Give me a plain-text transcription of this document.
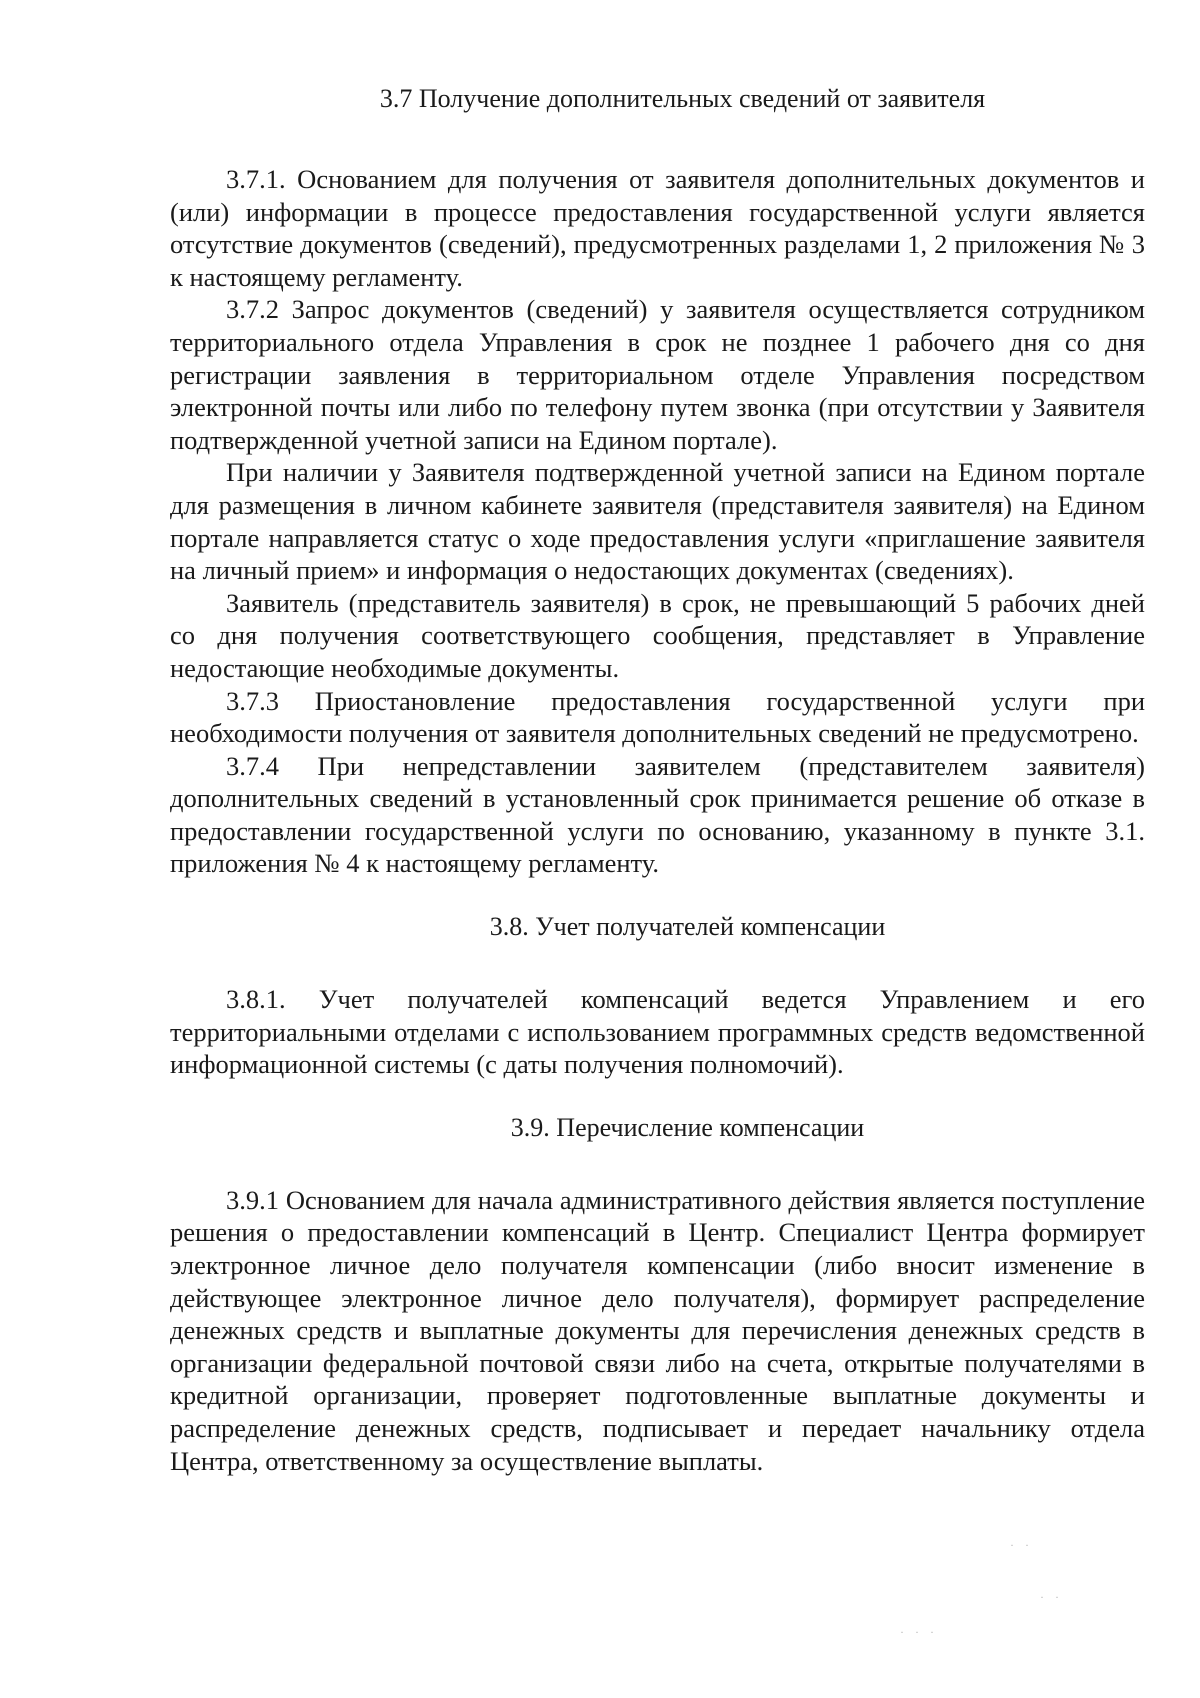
3.7 Получение дополнительных сведений от заявителя

3.7.1. Основанием для получения от заявителя дополнительных документов и (или) информации в процессе предоставления государственной услуги является отсутствие документов (сведений), предусмотренных разделами 1, 2 приложения № 3 к настоящему регламенту.

3.7.2 Запрос документов (сведений) у заявителя осуществляется сотрудником территориального отдела Управления в срок не позднее 1 рабочего дня со дня регистрации заявления в территориальном отделе Управления посредством электронной почты или либо по телефону путем звонка (при отсутствии у Заявителя подтвержденной учетной записи на Едином портале).

При наличии у Заявителя подтвержденной учетной записи на Едином портале для размещения в личном кабинете заявителя (представителя заявителя) на Едином портале направляется статус о ходе предоставления услуги «приглашение заявителя на личный прием» и информация о недостающих документах (сведениях).

Заявитель (представитель заявителя) в срок, не превышающий 5 рабочих дней со дня получения соответствующего сообщения, представляет в Управление недостающие необходимые документы.

3.7.3 Приостановление предоставления государственной услуги при необходимости получения от заявителя дополнительных сведений не предусмотрено.

3.7.4 При непредставлении заявителем (представителем заявителя) дополнительных сведений в установленный срок принимается решение об отказе в предоставлении государственной услуги по основанию, указанному в пункте 3.1. приложения № 4 к настоящему регламенту.

3.8. Учет получателей компенсации

3.8.1. Учет получателей компенсаций ведется Управлением и его территориальными отделами с использованием программных средств ведомственной информационной системы (с даты получения полномочий).

3.9. Перечисление компенсации

3.9.1 Основанием для начала административного действия является поступление решения о предоставлении компенсаций в Центр. Специалист Центра формирует электронное личное дело получателя компенсации (либо вносит изменение в действующее электронное личное дело получателя), формирует распределение денежных средств и выплатные документы для перечисления денежных средств в организации федеральной почтовой связи либо на счета, открытые получателями в кредитной организации, проверяет подготовленные выплатные документы и распределение денежных средств, подписывает и передает начальнику отдела Центра, ответственному за осуществление выплаты.

· ·
· ·
· · ·
